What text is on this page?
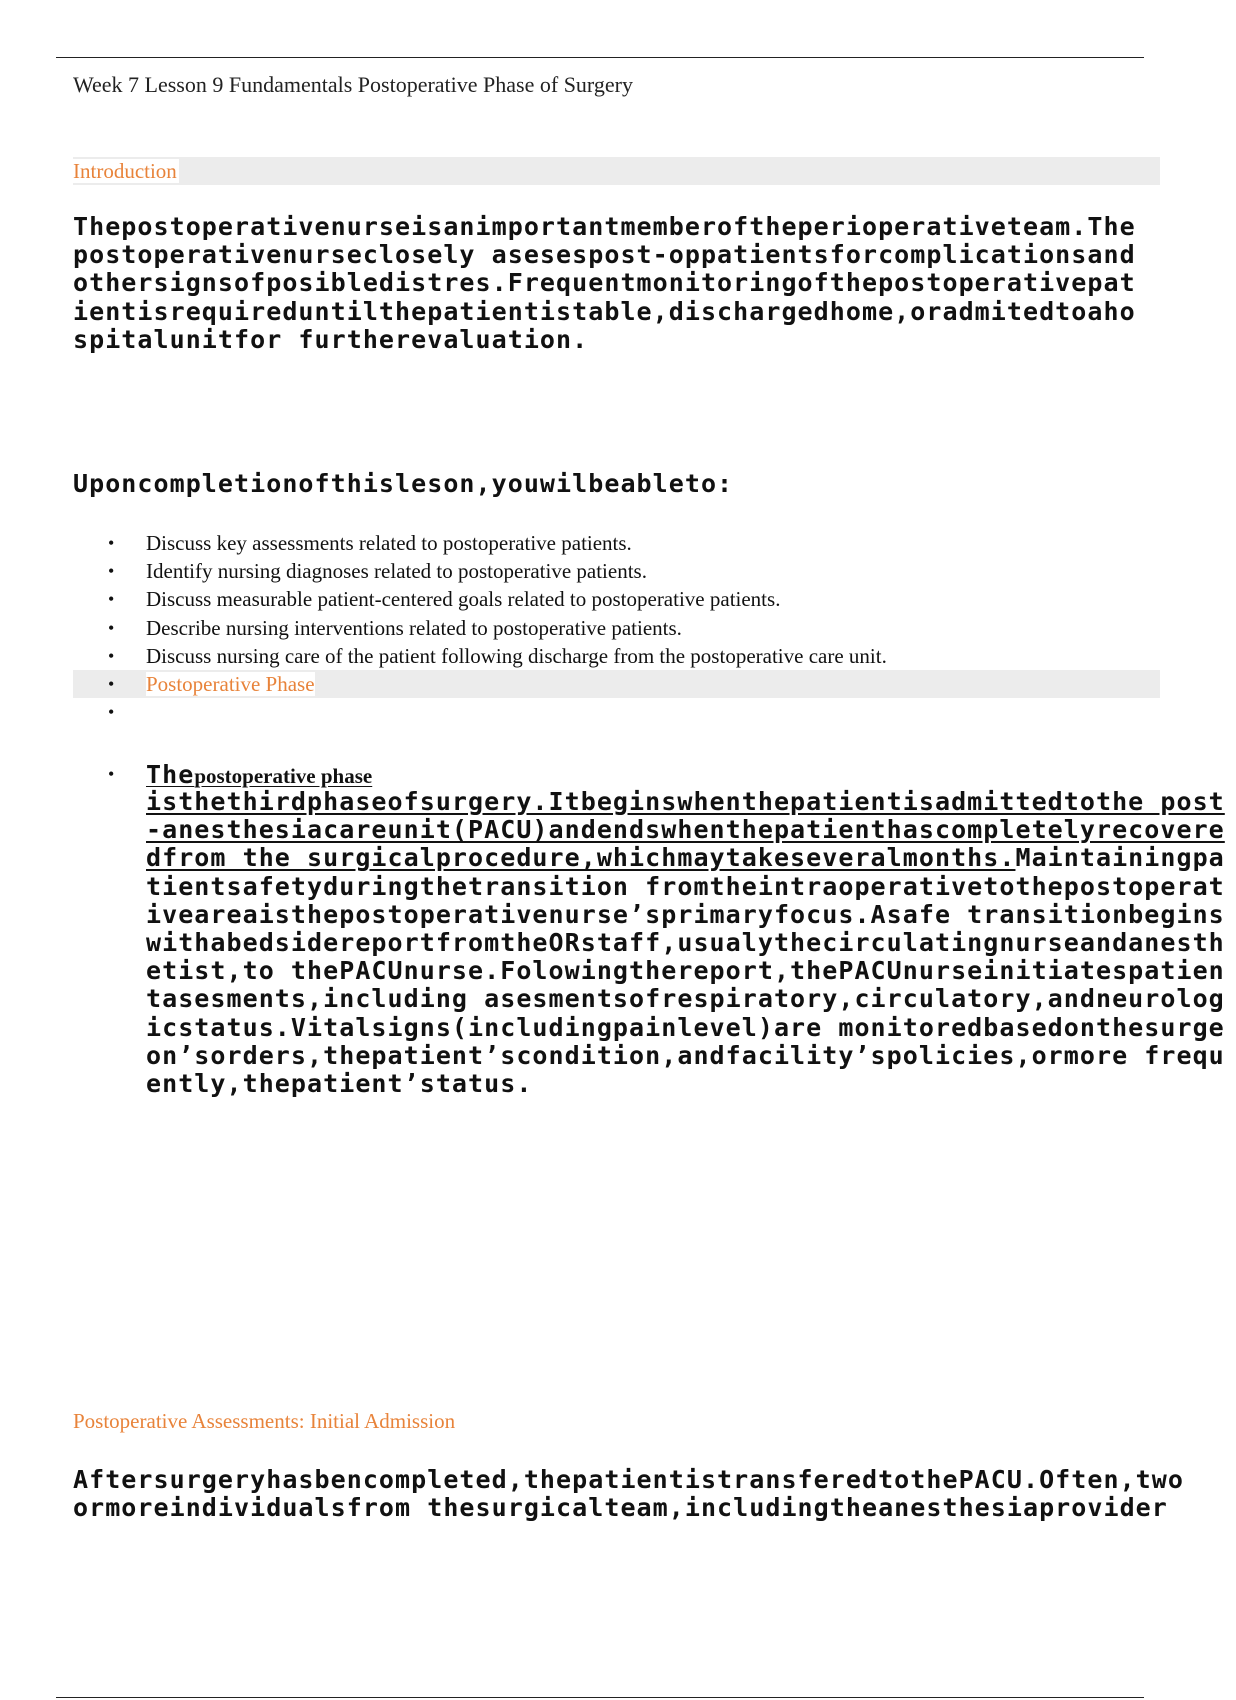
Week 7 Lesson 9 Fundamentals Postoperative Phase of Surgery
Introduction

Thepostoperativenurseisanimportantmemberoftheperioperativeteam.Thepostoperativenurseclosely asesespost-oppatientsforcomplicationsandothersignsofposibledistres.Frequentmonitoringofthepostoperativepatientisrequireduntilthepatientistable,dischargedhome,oradmitedtoahospitalunitfor furtherevaluation.

Uponcompletionofthisleson,youwilbeableto:

• Discuss key assessments related to postoperative patients.
• Identify nursing diagnoses related to postoperative patients.
• Discuss measurable patient-centered goals related to postoperative patients.
• Describe nursing interventions related to postoperative patients.
• Discuss nursing care of the patient following discharge from the postoperative care unit.
• Postoperative Phase
•
• Thepostoperative phase

isthethirdphaseofsurgery.Itbeginswhenthepatientisadmittedtothe post-anesthesiacareunit(PACU)andendswhenthepatienthascompletelyrecoveredfrom the surgicalprocedure,whichmaytakeseveralmonths.Maintainingpatientsafetyduringthetransition fromtheintraoperativetothepostoperativeareaisthepostoperativenurse’sprimaryfocus.Asafe transitionbeginswithabedsidereportfromtheORstaff,usualythecirculatingnurseandanesthetist,to thePACUnurse.Folowingthereport,thePACUnurseinitiatespatientasesments,including asesmentsofrespiratory,circulatory,andneurologicstatus.Vitalsigns(includingpainlevel)are monitoredbasedonthesurgeon’sorders,thepatient’scondition,andfacility’spolicies,ormore frequently,thepatient’status.

Postoperative Assessments: Initial Admission

Aftersurgeryhasbencompleted,thepatientistransferedtothePACU.Often,twoormoreindividualsfrom thesurgicalteam,includingtheanesthesiaprovider
